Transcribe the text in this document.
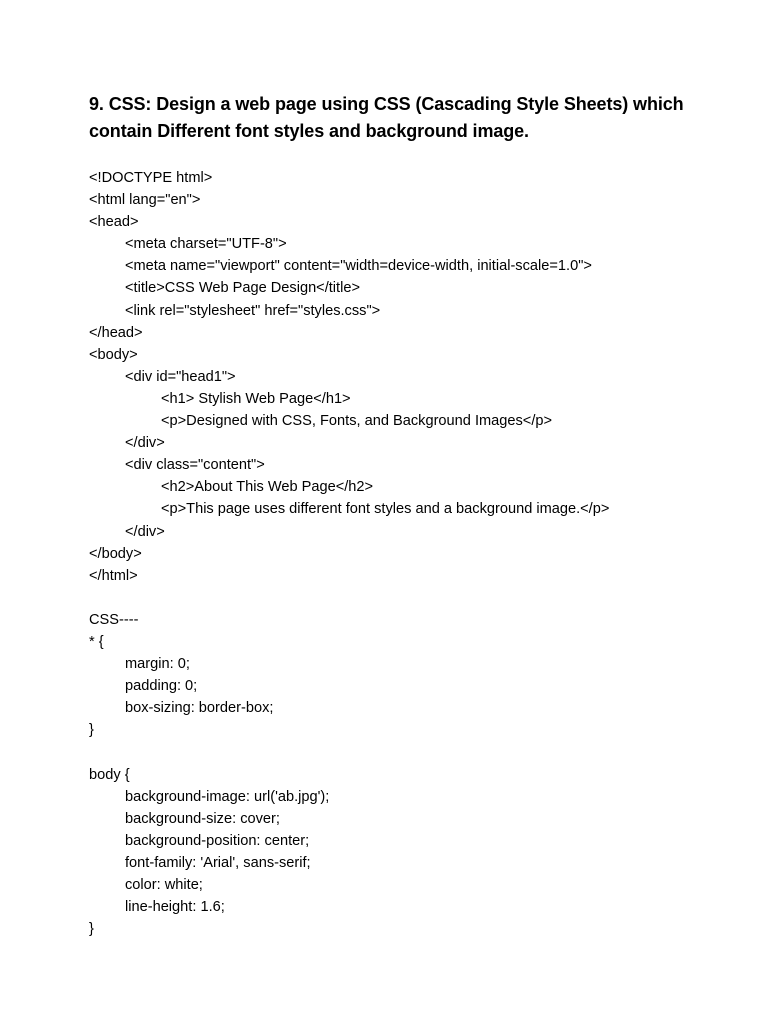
9. CSS: Design a web page using CSS (Cascading Style Sheets) which contain Different font styles and background image.
<!DOCTYPE html>
<html lang="en">
<head>
<meta charset="UTF-8">
<meta name="viewport" content="width=device-width, initial-scale=1.0">
<title>CSS Web Page Design</title>
<link rel="stylesheet" href="styles.css">
</head>
<body>
<div id="head1">
<h1> Stylish Web Page</h1>
<p>Designed with CSS, Fonts, and Background Images</p>
</div>
<div class="content">
<h2>About This Web Page</h2>
<p>This page uses different font styles and a background image.</p>
</div>
</body>
</html>
CSS----
* {
margin: 0;
padding: 0;
box-sizing: border-box;
}
body {
background-image: url('ab.jpg');
background-size: cover;
background-position: center;
font-family: 'Arial', sans-serif;
color: white;
line-height: 1.6;
}
